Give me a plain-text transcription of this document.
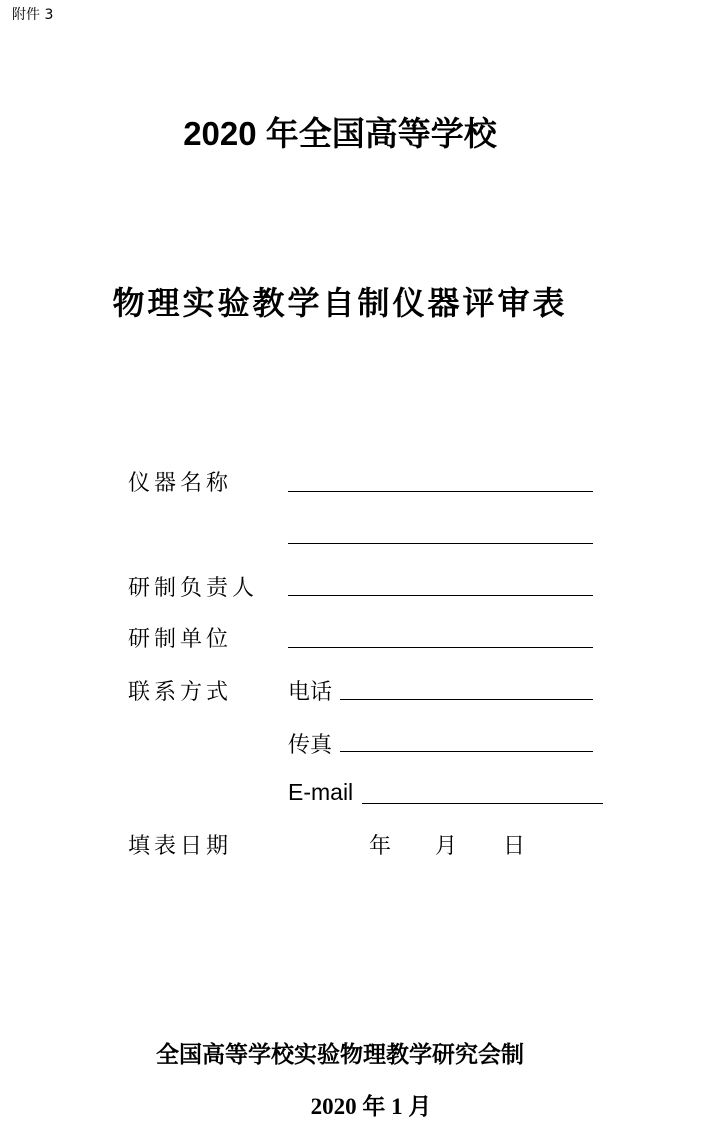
附件 3
2020 年全国高等学校
物理实验教学自制仪器评审表
仪器名称
研制负责人
研制单位
联系方式	电话
传真
E-mail
填表日期	年 月 日
全国高等学校实验物理教学研究会制
2020 年 1 月
